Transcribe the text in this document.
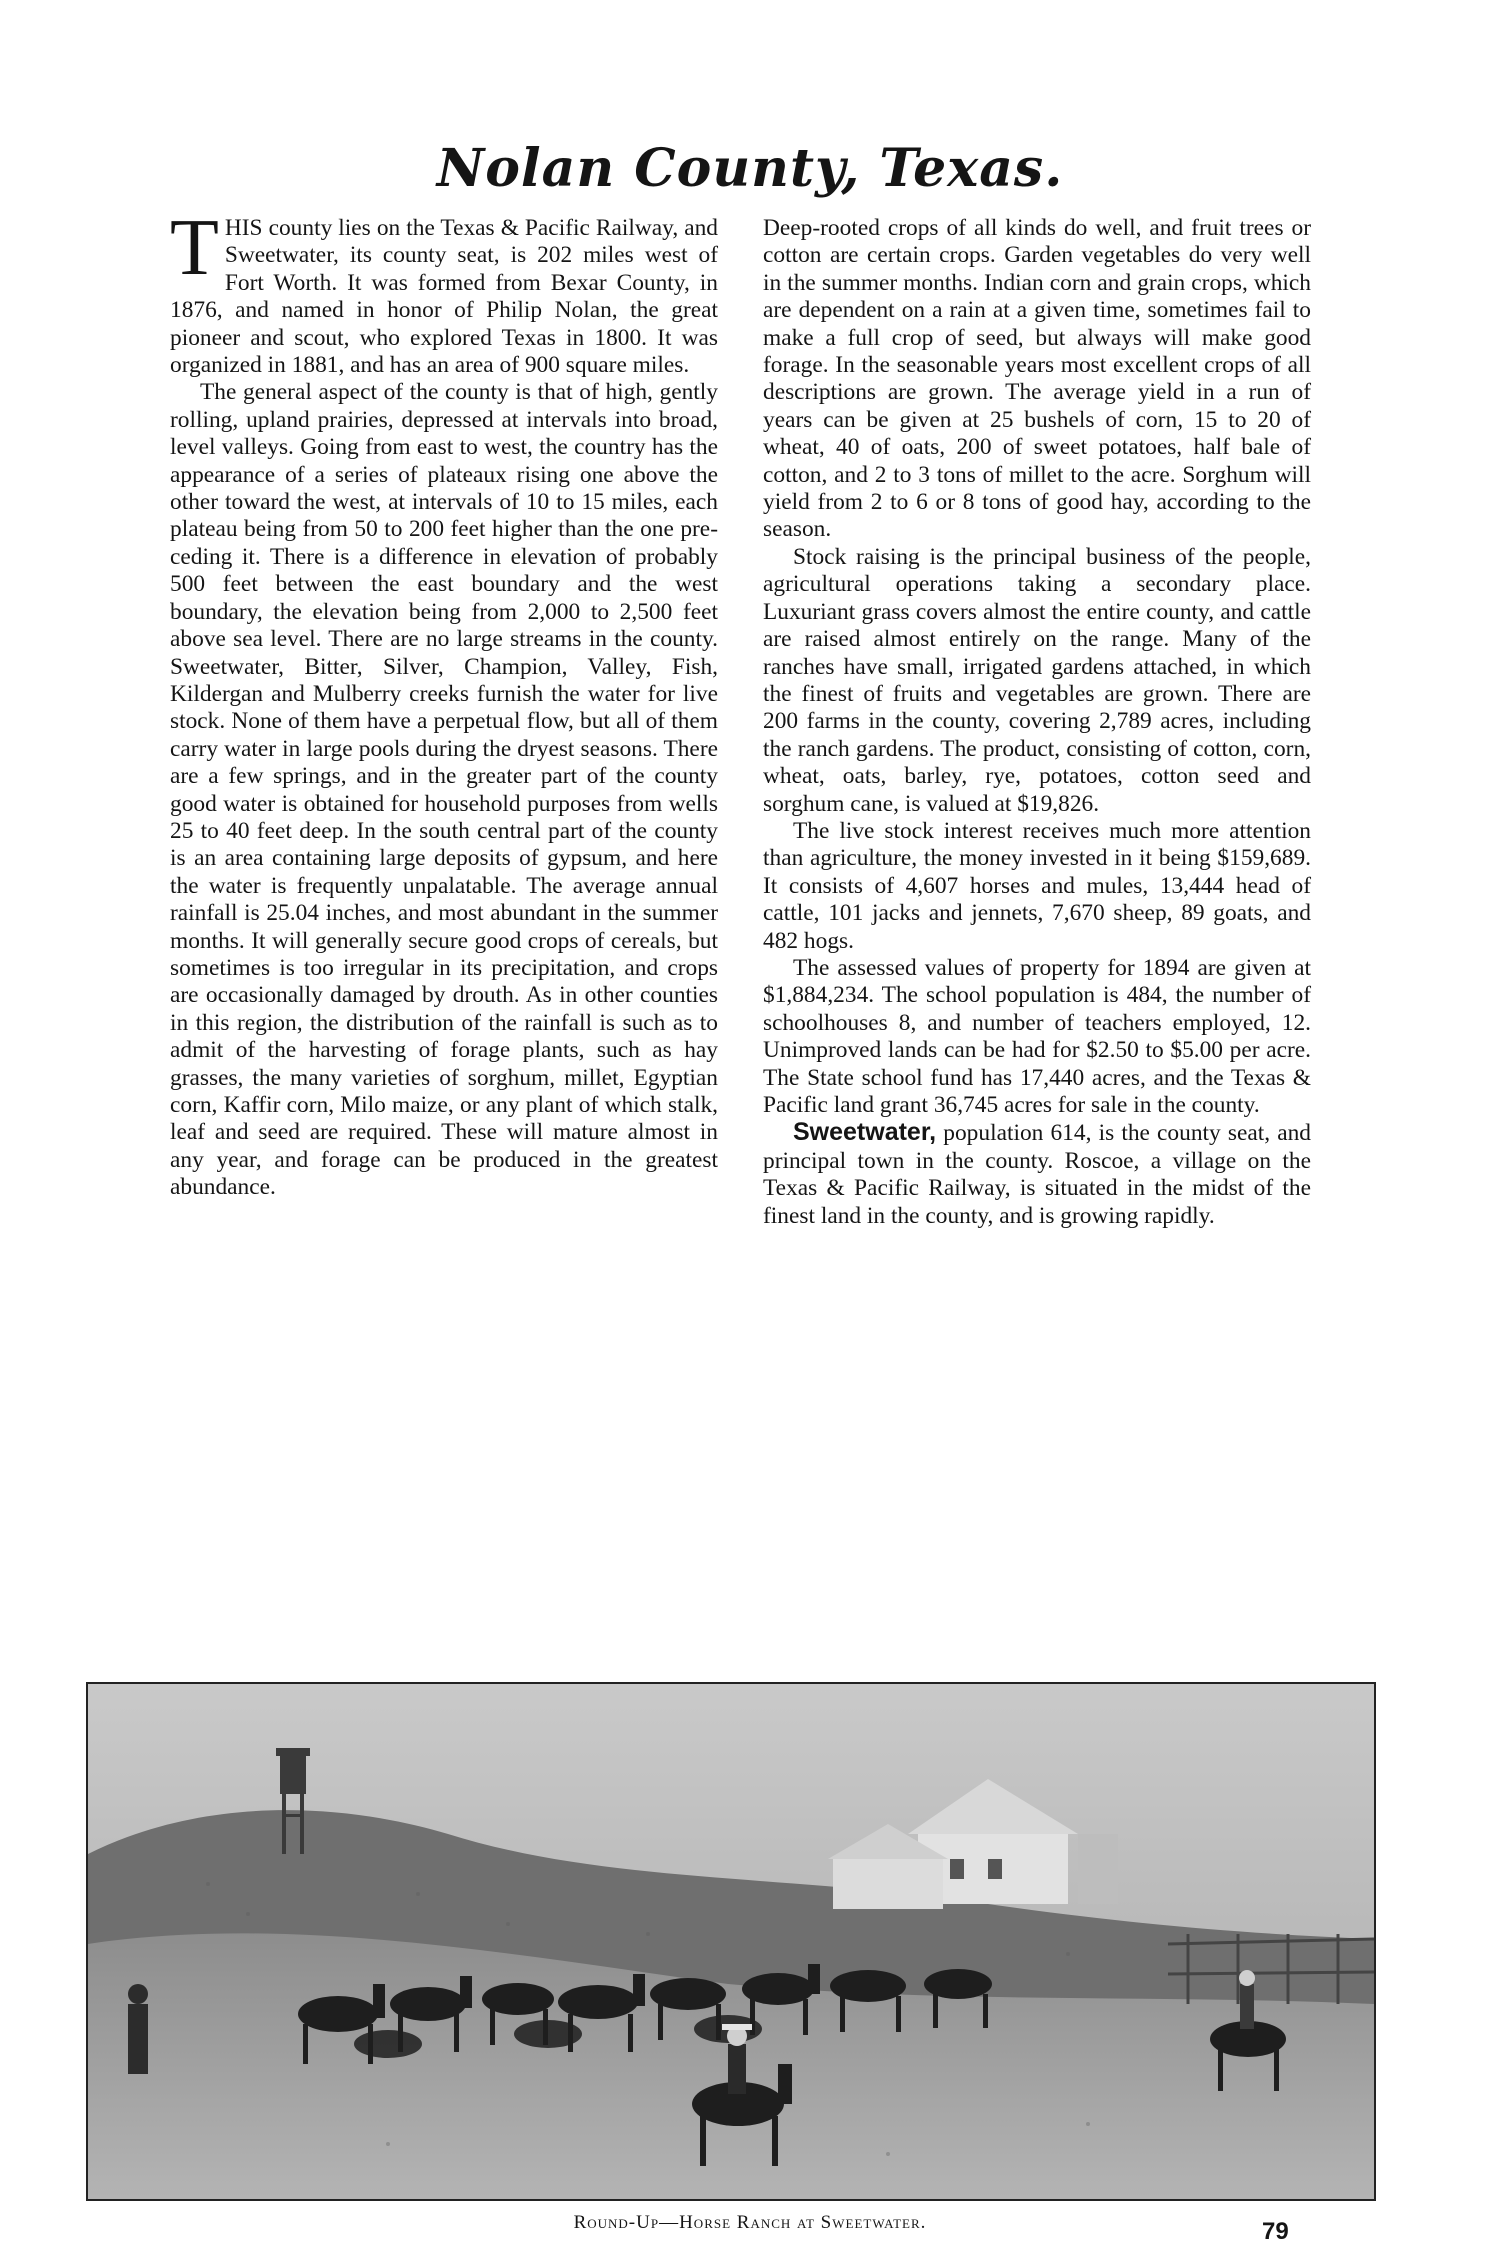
Nolan County, Texas.

THIS county lies on the Texas & Pacific Railway, and Sweetwater, its county seat, is 202 miles west of Fort Worth. It was formed from Bexar County, in 1876, and named in honor of Philip Nolan, the great pioneer and scout, who explored Texas in 1800. It was organized in 1881, and has an area of 900 square miles.

The general aspect of the county is that of high, gently rolling, upland prairies, depressed at intervals into broad, level valleys. Going from east to west, the country has the appearance of a series of plateaux rising one above the other toward the west, at intervals of 10 to 15 miles, each plateau being from 50 to 200 feet higher than the one preceding it. There is a difference in elevation of probably 500 feet between the east boundary and the west boundary, the elevation being from 2,000 to 2,500 feet above sea level. There are no large streams in the county. Sweetwater, Bitter, Silver, Champion, Valley, Fish, Kildergan and Mulberry creeks furnish the water for live stock. None of them have a perpetual flow, but all of them carry water in large pools during the dryest seasons. There are a few springs, and in the greater part of the county good water is obtained for household purposes from wells 25 to 40 feet deep. In the south central part of the county is an area containing large deposits of gypsum, and here the water is frequently unpalatable. The average annual rainfall is 25.04 inches, and most abundant in the summer months. It will generally secure good crops of cereals, but sometimes is too irregular in its precipitation, and crops are occasionally damaged by drouth. As in other counties in this region, the distribution of the rainfall is such as to admit of the harvesting of forage plants, such as hay grasses, the many varieties of sorghum, millet, Egyptian corn, Kaffir corn, Milo maize, or any plant of which stalk, leaf and seed are required. These will mature almost in any year, and forage can be produced in the greatest abundance.

Deep-rooted crops of all kinds do well, and fruit trees or cotton are certain crops. Garden vegetables do very well in the summer months. Indian corn and grain crops, which are dependent on a rain at a given time, sometimes fail to make a full crop of seed, but always will make good forage. In the seasonable years most excellent crops of all descriptions are grown. The average yield in a run of years can be given at 25 bushels of corn, 15 to 20 of wheat, 40 of oats, 200 of sweet potatoes, half bale of cotton, and 2 to 3 tons of millet to the acre. Sorghum will yield from 2 to 6 or 8 tons of good hay, according to the season.

Stock raising is the principal business of the people, agricultural operations taking a secondary place. Luxuriant grass covers almost the entire county, and cattle are raised almost entirely on the range. Many of the ranches have small, irrigated gardens attached, in which the finest of fruits and vegetables are grown. There are 200 farms in the county, covering 2,789 acres, including the ranch gardens. The product, consisting of cotton, corn, wheat, oats, barley, rye, potatoes, cotton seed and sorghum cane, is valued at $19,826.

The live stock interest receives much more attention than agriculture, the money invested in it being $159,689. It consists of 4,607 horses and mules, 13,444 head of cattle, 101 jacks and jennets, 7,670 sheep, 89 goats, and 482 hogs.

The assessed values of property for 1894 are given at $1,884,234. The school population is 484, the number of schoolhouses 8, and number of teachers employed, 12. Unimproved lands can be had for $2.50 to $5.00 per acre. The State school fund has 17,440 acres, and the Texas & Pacific land grant 36,745 acres for sale in the county.

Sweetwater, population 614, is the county seat, and principal town in the county. Roscoe, a village on the Texas & Pacific Railway, is situated in the midst of the finest land in the county, and is growing rapidly.

Round-Up—Horse Ranch at Sweetwater.	79
